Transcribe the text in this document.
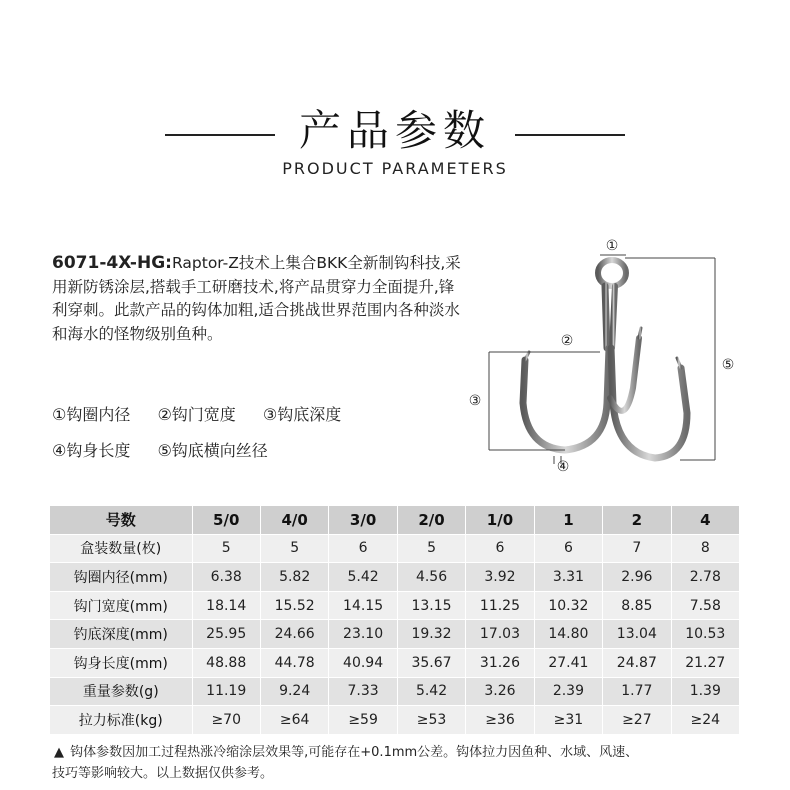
产品参数
PRODUCT PARAMETERS
6071-4X-HG:Raptor-Z技术上集合BKK全新制钩科技,采用新防锈涂层,搭载手工研磨技术,将产品贯穿力全面提升,锋利穿刺。此款产品的钩体加粗,适合挑战世界范围内各种淡水和海水的怪物级别鱼种。
①钩圈内径 ②钩门宽度 ③钩底深度
④钩身长度 ⑤钩底横向丝径
①
②
③
④
⑤
号数	5/0	4/0	3/0	2/0	1/0	1	2	4
盒装数量(枚)	5	5	6	5	6	6	7	8
钩圈内径(mm)	6.38	5.82	5.42	4.56	3.92	3.31	2.96	2.78
钩门宽度(mm)	18.14	15.52	14.15	13.15	11.25	10.32	8.85	7.58
钓底深度(mm)	25.95	24.66	23.10	19.32	17.03	14.80	13.04	10.53
钩身长度(mm)	48.88	44.78	40.94	35.67	31.26	27.41	24.87	21.27
重量参数(g)	11.19	9.24	7.33	5.42	3.26	2.39	1.77	1.39
拉力标准(kg)	≥70	≥64	≥59	≥53	≥36	≥31	≥27	≥24
▲ 钩体参数因加工过程热涨冷缩涂层效果等,可能存在+0.1mm公差。钩体拉力因鱼种、水域、风速、
技巧等影响较大。以上数据仅供参考。
